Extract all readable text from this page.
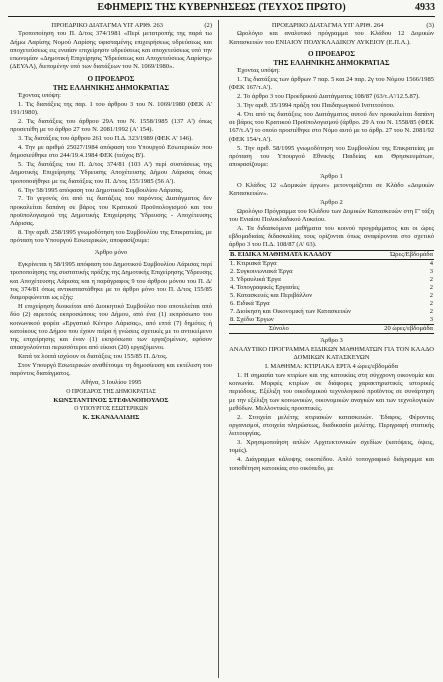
ΕΦΗΜΕΡΙΣ ΤΗΣ ΚΥΒΕΡΝΗΣΕΩΣ (ΤΕΥΧΟΣ ΠΡΩΤΟ)	4933
ΠΡΟΕΔΡΙΚΟ ΔΙΑΤΑΓΜΑ ΥΠ' ΑΡΙΘ. 263	(2)

Τροποποίηση του Π. Δ/τος 374/1981 «Περί μετατροπής της παρά τω Δήμω Λαρίσης Νομού Λαρίσης υφισταμένης επιχειρήσεως υδρεύσεως και αποχετεύσεως εις ενιαίαν επιχείρησιν υδρεύσεως και αποχετεύσεως υπό την επωνυμίαν «Δημοτική Επιχείρησις Ύδρεύσεως και Αποχετεύσεως Λαρίσης» (ΔΕΥΑΛ), διεπομένην υπό των διατάξεων του Ν. 1069/1980».

Ο ΠΡΟΕΔΡΟΣ
ΤΗΣ ΕΛΛΗΝΙΚΗΣ ΔΗΜΟΚΡΑΤΙΑΣ

Έχοντας υπόψη:

1. Τις διατάξεις της παρ. 1 του άρθρου 3 του Ν. 1069/1980 (ΦΕΚ Α' 191/1980).

2. Τις διατάξεις του άρθρου 29Α του Ν. 1558/1985 (137 Α') όπως προσετέθη με το άρθρο 27 του Ν. 2081/1992 (Α' 154).

3. Τις διατάξεις του άρθρου 261 του Π.Δ. 323/1989 (ΦΕΚ Α' 146).

4. Την με αριθμό 25027/1984 απόφαση του Υπουργού Εσωτερικών που δημοσιεύθηκε στο 244/19.4.1984 ΦΕΚ (τεύχος Β').

5. Τις διατάξεις του Π. Δ/τος 374/81 (103 Α') περί συστάσεως της Δημοτικής Επιχείρησης Ύδρευσης Αποχέτευσης Δήμου Λάρισας όπως τροποποιήθηκε με τις διατάξεις του Π. Δ/τος 155/1985 (56 Α').

6. Την 58/1995 απόφαση του Δημοτικού Συμβουλίου Λάρισας.

7. Το γεγονός ότι από τις διατάξεις του παρόντος Διατάγματος δεν προκαλείται δαπάνη σε βάρος του Κρατικού Προϋπολογισμού και του προϋπολογισμού της Δημοτικής Επιχείρησης Ύδρευσης - Αποχέτευσης Λάρισας.

8. Την αριθ. 258/1995 γνωμοδότηση του Συμβουλίου της Επικρατείας, με πρόταση του Υπουργού Εσωτερικών, αποφασίζουμε:

Άρθρο μόνο

Εγκρίνεται η 58/1995 απόφαση του Δημοτικού Συμβουλίου Λάρισας περί τροποποίησης της συστατικής πράξης της Δημοτικής Επιχείρησης Ύδρευσης και Αποχέτευσης Λάρισας και η παράγραφος 9 του άρθρου μόνου του Π. Δ/τος 374/81 όπως αντικαταστάθηκε με το άρθρο μόνο του Π. Δ/τος 155/85 διαμορφώνεται ως εξής:

Η επιχείρηση διοικείται από Διοικητικό Συμβούλιο που αποτελείται από δύο (2) αιρετούς εκπροσώπους του Δήμου, από ένα (1) εκπρόσωπο του κοινωνικού φορέα «Εργατικό Κέντρο Λάρισας», από επτά (7) δημότες ή κατοίκους του Δήμου που έχουν πείρα ή γνώσεις σχετικές με το αντικείμενο της επιχείρησης και έναν (1) εκπρόσωπο των εργαζομένων, εφόσον απασχολούνται περισσότεροι από είκοσι (20) εργαζόμενοι.

Κατά τα λοιπά ισχύουν οι διατάξεις του 155/85 Π. Δ/τος.

Στον Υπουργό Εσωτερικών αναθέτουμε τη δημοσίευση και εκτέλεση του παρόντος διατάγματος.

Αθήνα, 3 Ιουλίου 1995

Ο ΠΡΟΕΔΡΟΣ ΤΗΣ ΔΗΜΟΚΡΑΤΙΑΣ

ΚΩΝΣΤΑΝΤΙΝΟΣ ΣΤΕΦΑΝΟΠΟΥΛΟΣ

Ο ΥΠΟΥΡΓΟΣ ΕΣΩΤΕΡΙΚΩΝ

Κ. ΣΚΑΝΔΑΛΙΔΗΣ

ΠΡΟΕΔΡΙΚΟ ΔΙΑΤΑΓΜΑ ΥΠ' ΑΡΙΘ. 264	(3)

Ωρολόγιο και αναλυτικό πρόγραμμα του Κλάδου 12 Δομικών Κατασκευών του ΕΝΙΑΙΟΥ ΠΟΛΥΚΛΑΔΙΚΟΥ ΛΥΚΕΙΟΥ (Ε.Π.Λ.).

Ο ΠΡΟΕΔΡΟΣ
ΤΗΣ ΕΛΛΗΝΙΚΗΣ ΔΗΜΟΚΡΑΤΙΑΣ

Έχοντας υπόψη:

1. Τις διατάξεις των άρθρων 7 παρ. 5 και 24 παρ. 2γ του Νόμου 1566/1985 (ΦΕΚ 167/τ.Α').

2. Το άρθρο 3 του Προεδρικού Διατάγματος 108/87 (63/τ.Α'/12.5.87).

3. Την αριθ. 35/1994 πράξη του Παιδαγωγικού Ινστιτούτου.

4. Ότι από τις διατάξεις του Διατάγματος αυτού δεν προκαλείται δαπάνη σε βάρος του Κρατικού Προϋπολογισμού (άρθρο. 29 Α του Ν. 1558/85 (ΦΕΚ 167/τ.Α') το οποίο προστέθηκε στο Νόμο αυτό με το άρθρ. 27 του Ν. 2081/92 (ΦΕΚ 154/τ.Α').

5. Την αριθ. 58/1995 γνωμοδότηση του Συμβουλίου της Επικρατείας με πρόταση του Υπουργού Εθνικής Παιδείας και Θρησκευμάτων, αποφασίζουμε:

Άρθρο 1

Ο Κλάδος 12 «Δομικών έργων» μετονομάζεται σε Κλάδο «Δομικών Κατασκευών».

Άρθρο 2

Ωρολόγιο Πρόγραμμα του Κλάδου των Δομικών Κατασκευών στη Γ' τάξη του Ενιαίου Πολυκλαδικού Λυκείου.

Α. Τα διδασκόμενα μαθήματα του κοινού προγράμματος και οι ώρες εβδομαδιαίας διδασκαλίας τους ορίζονται όπως αναφέρονται στο σχετικό άρθρο 3 του Π.Δ. 108/87 (Α' 63).

Β. ΕΙΔΙΚΑ ΜΑΘΗΜΑΤΑ ΚΛΑΔΟΥ	Ώρες/Εβδομάδα
1. Κτιριακά Έργα	4
2. Συγκοινωνιακά Έργα	3
3. Υδραυλικά Έργα	2
4. Τοπογραφικές Εργασίες	2
5. Κατασκευές και Περιβάλλον	2
6. Ειδικά Έργα	2
7. Διοίκηση και Οικονομική των Κατασκευών	2
8. Σχέδιο Έργων	3
Σύνολο	20 ώρες/εβδομάδα

Άρθρο 3

ΑΝΑΛΥΤΙΚΟ ΠΡΟΓΡΑΜΜΑ ΕΙΔΙΚΩΝ ΜΑΘΗΜΑΤΩΝ ΓΙΑ ΤΟΝ ΚΛΑΔΟ ΔΟΜΙΚΩΝ ΚΑΤΑΣΚΕΥΩΝ

Ι. ΜΑΘΗΜΑ: ΚΤΙΡΙΑΚΑ ΕΡΓΑ 4 ώρες/εβδομάδα

1. Η σημασία των κτιρίων και της κατοικίας στη σύγχρονη οικονομία και κοινωνία. Μορφές κτιρίων σε διάφορες χαρακτηριστικές ιστορικές περιόδους. Εξέλιξη του οικοδομικού τεχνολογικού προϊόντος σε συνάρτηση με την εξέλιξη των κοινωνικών, οικονομικών αναγκών και των τεχνολογικών μεθόδων. Μελλοντικές προοπτικές.

2. Στοιχεία μελέτης κτιριακών κατασκευών. Έδαφος. Φέροντες οργανισμοί, στοιχεία πληρώσεως, διαδικασία μελέτης. Περιγραφή στατικής λειτουργίας.

3. Χρησιμοποίηση απλών Αρχιτεκτονικών σχεδίων (κατόψεις, όψεις, τομές).

4. Διάγραμμα κάλυψης οικοπέδου. Απλό τοπογραφικό διάγραμμα και τοποθέτηση κατοικίας στο οικόπεδο, με
